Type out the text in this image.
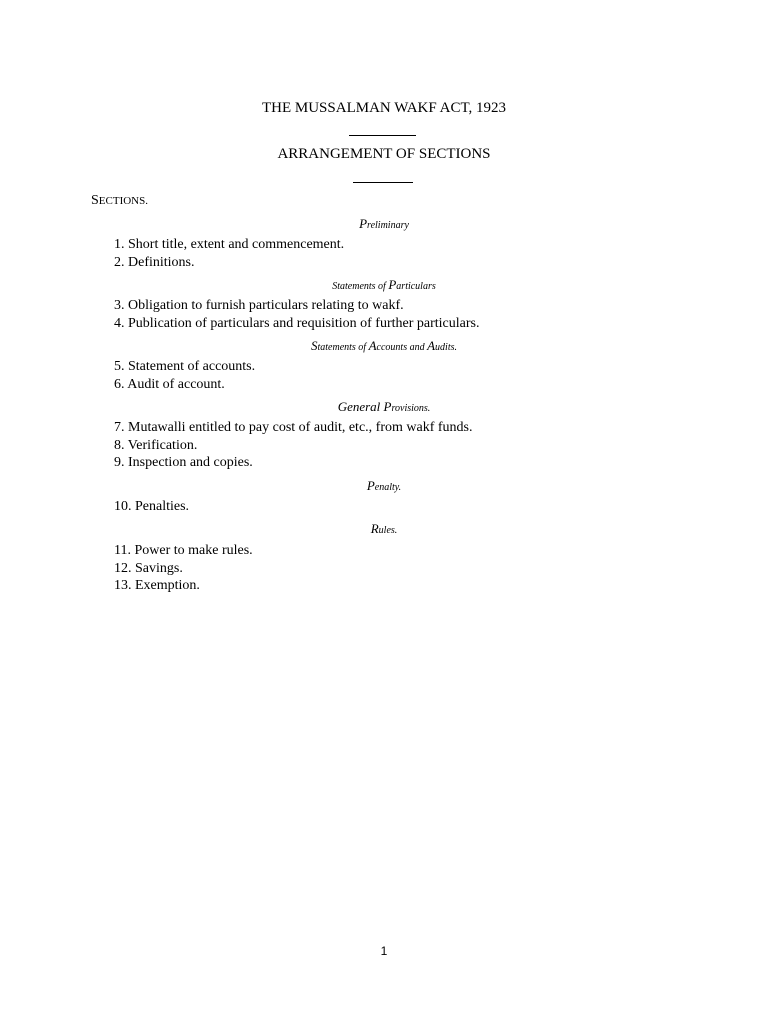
THE MUSSALMAN WAKF ACT, 1923
ARRANGEMENT OF SECTIONS
SECTIONS.
Preliminary
1. Short title, extent and commencement.
2. Definitions.
Statements of Particulars
3. Obligation to furnish particulars relating to wakf.
4. Publication of particulars and requisition of further particulars.
Statements of Accounts and Audits.
5. Statement of accounts.
6. Audit of account.
General Provisions.
7. Mutawalli entitled to pay cost of audit, etc., from wakf funds.
8. Verification.
9. Inspection and copies.
Penalty.
10. Penalties.
Rules.
11. Power to make rules.
12. Savings.
13. Exemption.
1
